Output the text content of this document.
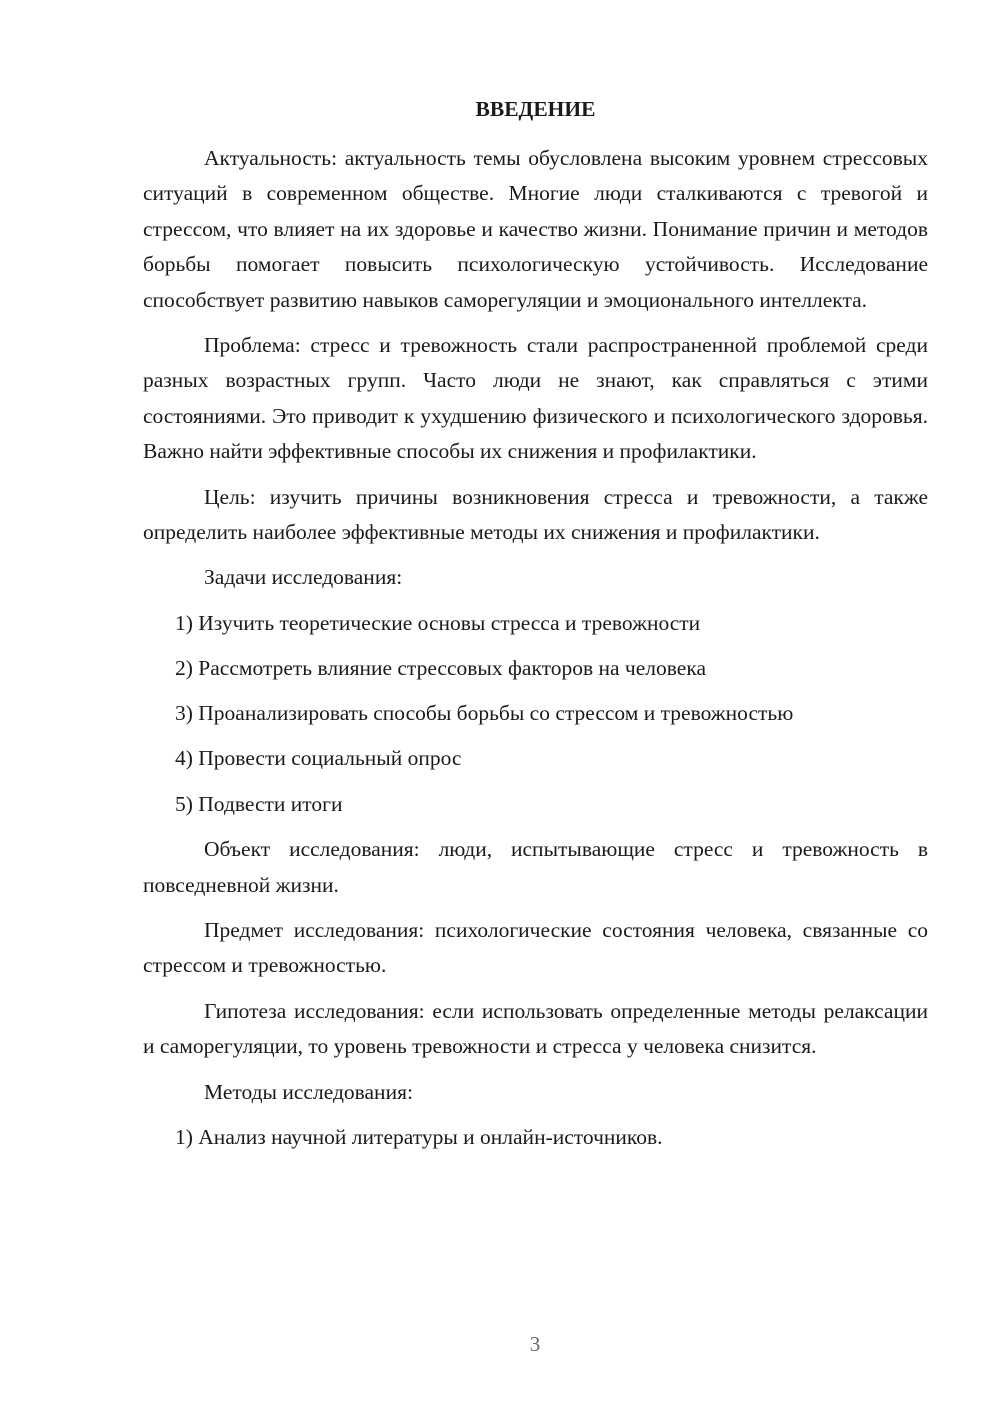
ВВЕДЕНИЕ

Актуальность: актуальность темы обусловлена высоким уровнем стрессовых ситуаций в современном обществе. Многие люди сталкиваются с тревогой и стрессом, что влияет на их здоровье и качество жизни. Понимание причин и методов борьбы помогает повысить психологическую устойчивость. Исследование способствует развитию навыков саморегуляции и эмоционального интеллекта.

Проблема: стресс и тревожность стали распространенной проблемой среди разных возрастных групп. Часто люди не знают, как справляться с этими состояниями. Это приводит к ухудшению физического и психологического здоровья. Важно найти эффективные способы их снижения и профилактики.

Цель: изучить причины возникновения стресса и тревожности, а также определить наиболее эффективные методы их снижения и профилактики.

Задачи исследования:

1) Изучить теоретические основы стресса и тревожности
2) Рассмотреть влияние стрессовых факторов на человека
3) Проанализировать способы борьбы со стрессом и тревожностью
4) Провести социальный опрос
5) Подвести итоги

Объект исследования: люди, испытывающие стресс и тревожность в повседневной жизни.

Предмет исследования: психологические состояния человека, связанные со стрессом и тревожностью.

Гипотеза исследования: если использовать определенные методы релаксации и саморегуляции, то уровень тревожности и стресса у человека снизится.

Методы исследования:

1) Анализ научной литературы и онлайн-источников.
3
